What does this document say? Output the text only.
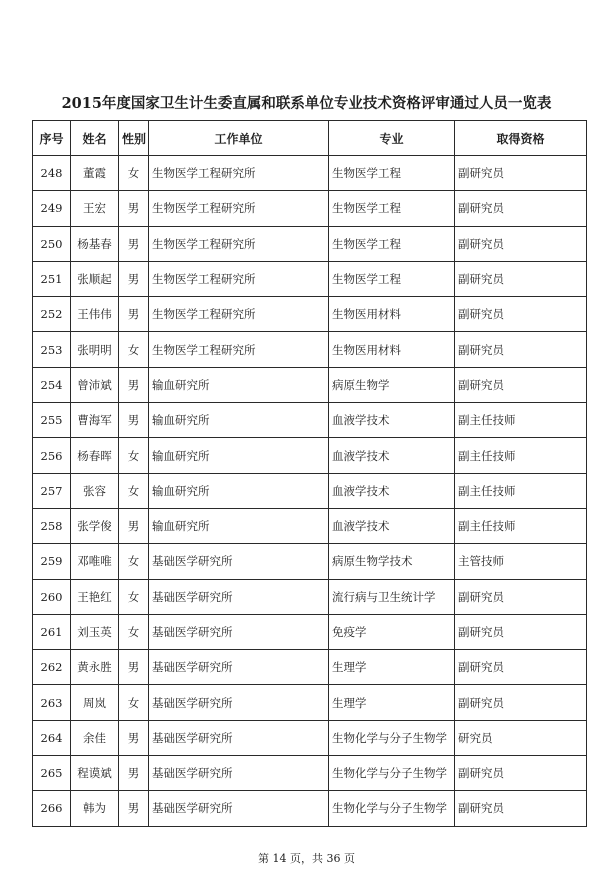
2015年度国家卫生计生委直属和联系单位专业技术资格评审通过人员一览表
序号	姓名	性别	工作单位	专业	取得资格
248	董霞	女	生物医学工程研究所	生物医学工程	副研究员
249	王宏	男	生物医学工程研究所	生物医学工程	副研究员
250	杨基春	男	生物医学工程研究所	生物医学工程	副研究员
251	张顺起	男	生物医学工程研究所	生物医学工程	副研究员
252	王伟伟	男	生物医学工程研究所	生物医用材料	副研究员
253	张明明	女	生物医学工程研究所	生物医用材料	副研究员
254	曾沛斌	男	输血研究所	病原生物学	副研究员
255	曹海军	男	输血研究所	血液学技术	副主任技师
256	杨春晖	女	输血研究所	血液学技术	副主任技师
257	张容	女	输血研究所	血液学技术	副主任技师
258	张学俊	男	输血研究所	血液学技术	副主任技师
259	邓唯唯	女	基础医学研究所	病原生物学技术	主管技师
260	王艳红	女	基础医学研究所	流行病与卫生统计学	副研究员
261	刘玉英	女	基础医学研究所	免疫学	副研究员
262	黄永胜	男	基础医学研究所	生理学	副研究员
263	周岚	女	基础医学研究所	生理学	副研究员
264	余佳	男	基础医学研究所	生物化学与分子生物学	研究员
265	程谟斌	男	基础医学研究所	生物化学与分子生物学	副研究员
266	韩为	男	基础医学研究所	生物化学与分子生物学	副研究员
第 14 页，共 36 页
